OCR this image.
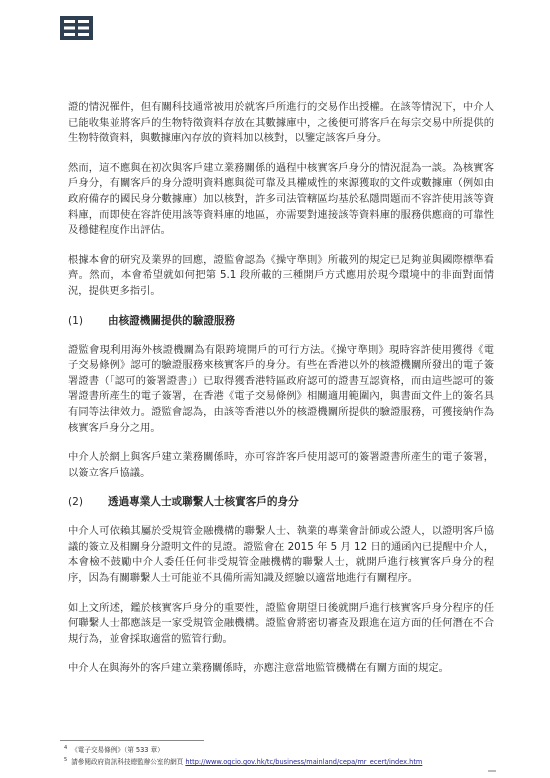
證的情況罹件，但有關科技通常被用於就客戶所進行的交易作出授權。在該等情況下，中介人已能收集並將客戶的生物特徵資料存放在其數據庫中，之後便可將客戶在每宗交易中所提供的生物特徵資料，與數據庫內存放的資料加以核對，以鑒定該客戶身分。

然而，這不應與在初次與客戶建立業務關係的過程中核實客戶身分的情況混為一談。為核實客戶身分，有關客戶的身分證明資料應與從可靠及具權威性的來源獲取的文件或數據庫（例如由政府備存的國民身分數據庫）加以核對，許多司法管轄區均基於私隱問題而不容許使用該等資料庫，而即使在容許使用該等資料庫的地區，亦需要對連接該等資料庫的服務供應商的可靠性及穩健程度作出評估。

根據本會的研究及業界的回應，證監會認為《操守準則》所載列的規定已足夠並與國際標準看齊。然而，本會希望就如何把第 5.1 段所載的三種開戶方式應用於現今環境中的非面對面情況，提供更多指引。

(1)	由核證機關提供的驗證服務

證監會現利用海外核證機關為有限跨境開戶的可行方法。《操守準則》現時容許使用獲得《電子交易條例》認可的驗證服務來核實客戶的身分。有些在香港以外的核證機關所發出的電子簽署證書（「認可的簽署證書」）已取得獲香港特區政府認可的證書互認資格，而由這些認可的簽署證書所產生的電子簽署，在香港《電子交易條例》相關適用範圍內，與書面文件上的簽名具有同等法律效力。證監會認為，由該等香港以外的核證機關所提供的驗證服務，可獲接納作為核實客戶身分之用。

中介人於網上與客戶建立業務關係時，亦可容許客戶使用認可的簽署證書所產生的電子簽署，以簽立客戶協議。

(2)	透過專業人士或聯繫人士核實客戶的身分

中介人可依賴其屬於受規管金融機構的聯繫人士、執業的專業會計師或公證人，以證明客戶協議的簽立及相關身分證明文件的見證。證監會在 2015 年 5 月 12 日的通函內已提醒中介人，本會檢不鼓勵中介人委任任何非受規管金融機構的聯繫人士，就開戶進行核實客戶身分的程序，因為有關聯繫人士可能並不具備所需知識及經驗以適當地進行有關程序。

如上文所述，鑑於核實客戶身分的重要性，證監會期望日後就開戶進行核實客戶身分程序的任何聯繫人士都應該是一家受規管金融機構。證監會將密切審查及跟進在這方面的任何潛在不合規行為，並會採取適當的監管行動。

中介人在與海外的客戶建立業務關係時，亦應注意當地監管機構在有關方面的規定。

$^4$ 《電子交易條例》（第 533 章）
$^5$ 請參閱政府資訊科技總監辦公室的網頁 http://www.ogcio.gov.hk/tc/business/mainland/cepa/mr_ecert/index.htm
